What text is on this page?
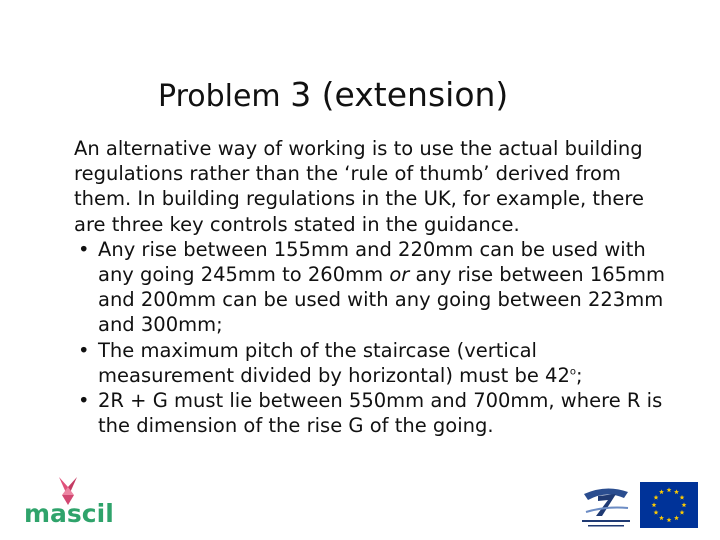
Problem 3 (extension)

An alternative way of working is to use the actual building regulations rather than the ‘rule of thumb’ derived from them. In building regulations in the UK, for example, there are three key controls stated in the guidance.

• Any rise between 155mm and 220mm can be used with any going 245mm to 260mm or any rise between 165mm and 200mm can be used with any going between 223mm and 300mm;
• The maximum pitch of the staircase (vertical measurement divided by horizontal) must be 42$^o$;
• 2R + G must lie between 550mm and 700mm, where R is the dimension of the rise G of the going.
mascil
